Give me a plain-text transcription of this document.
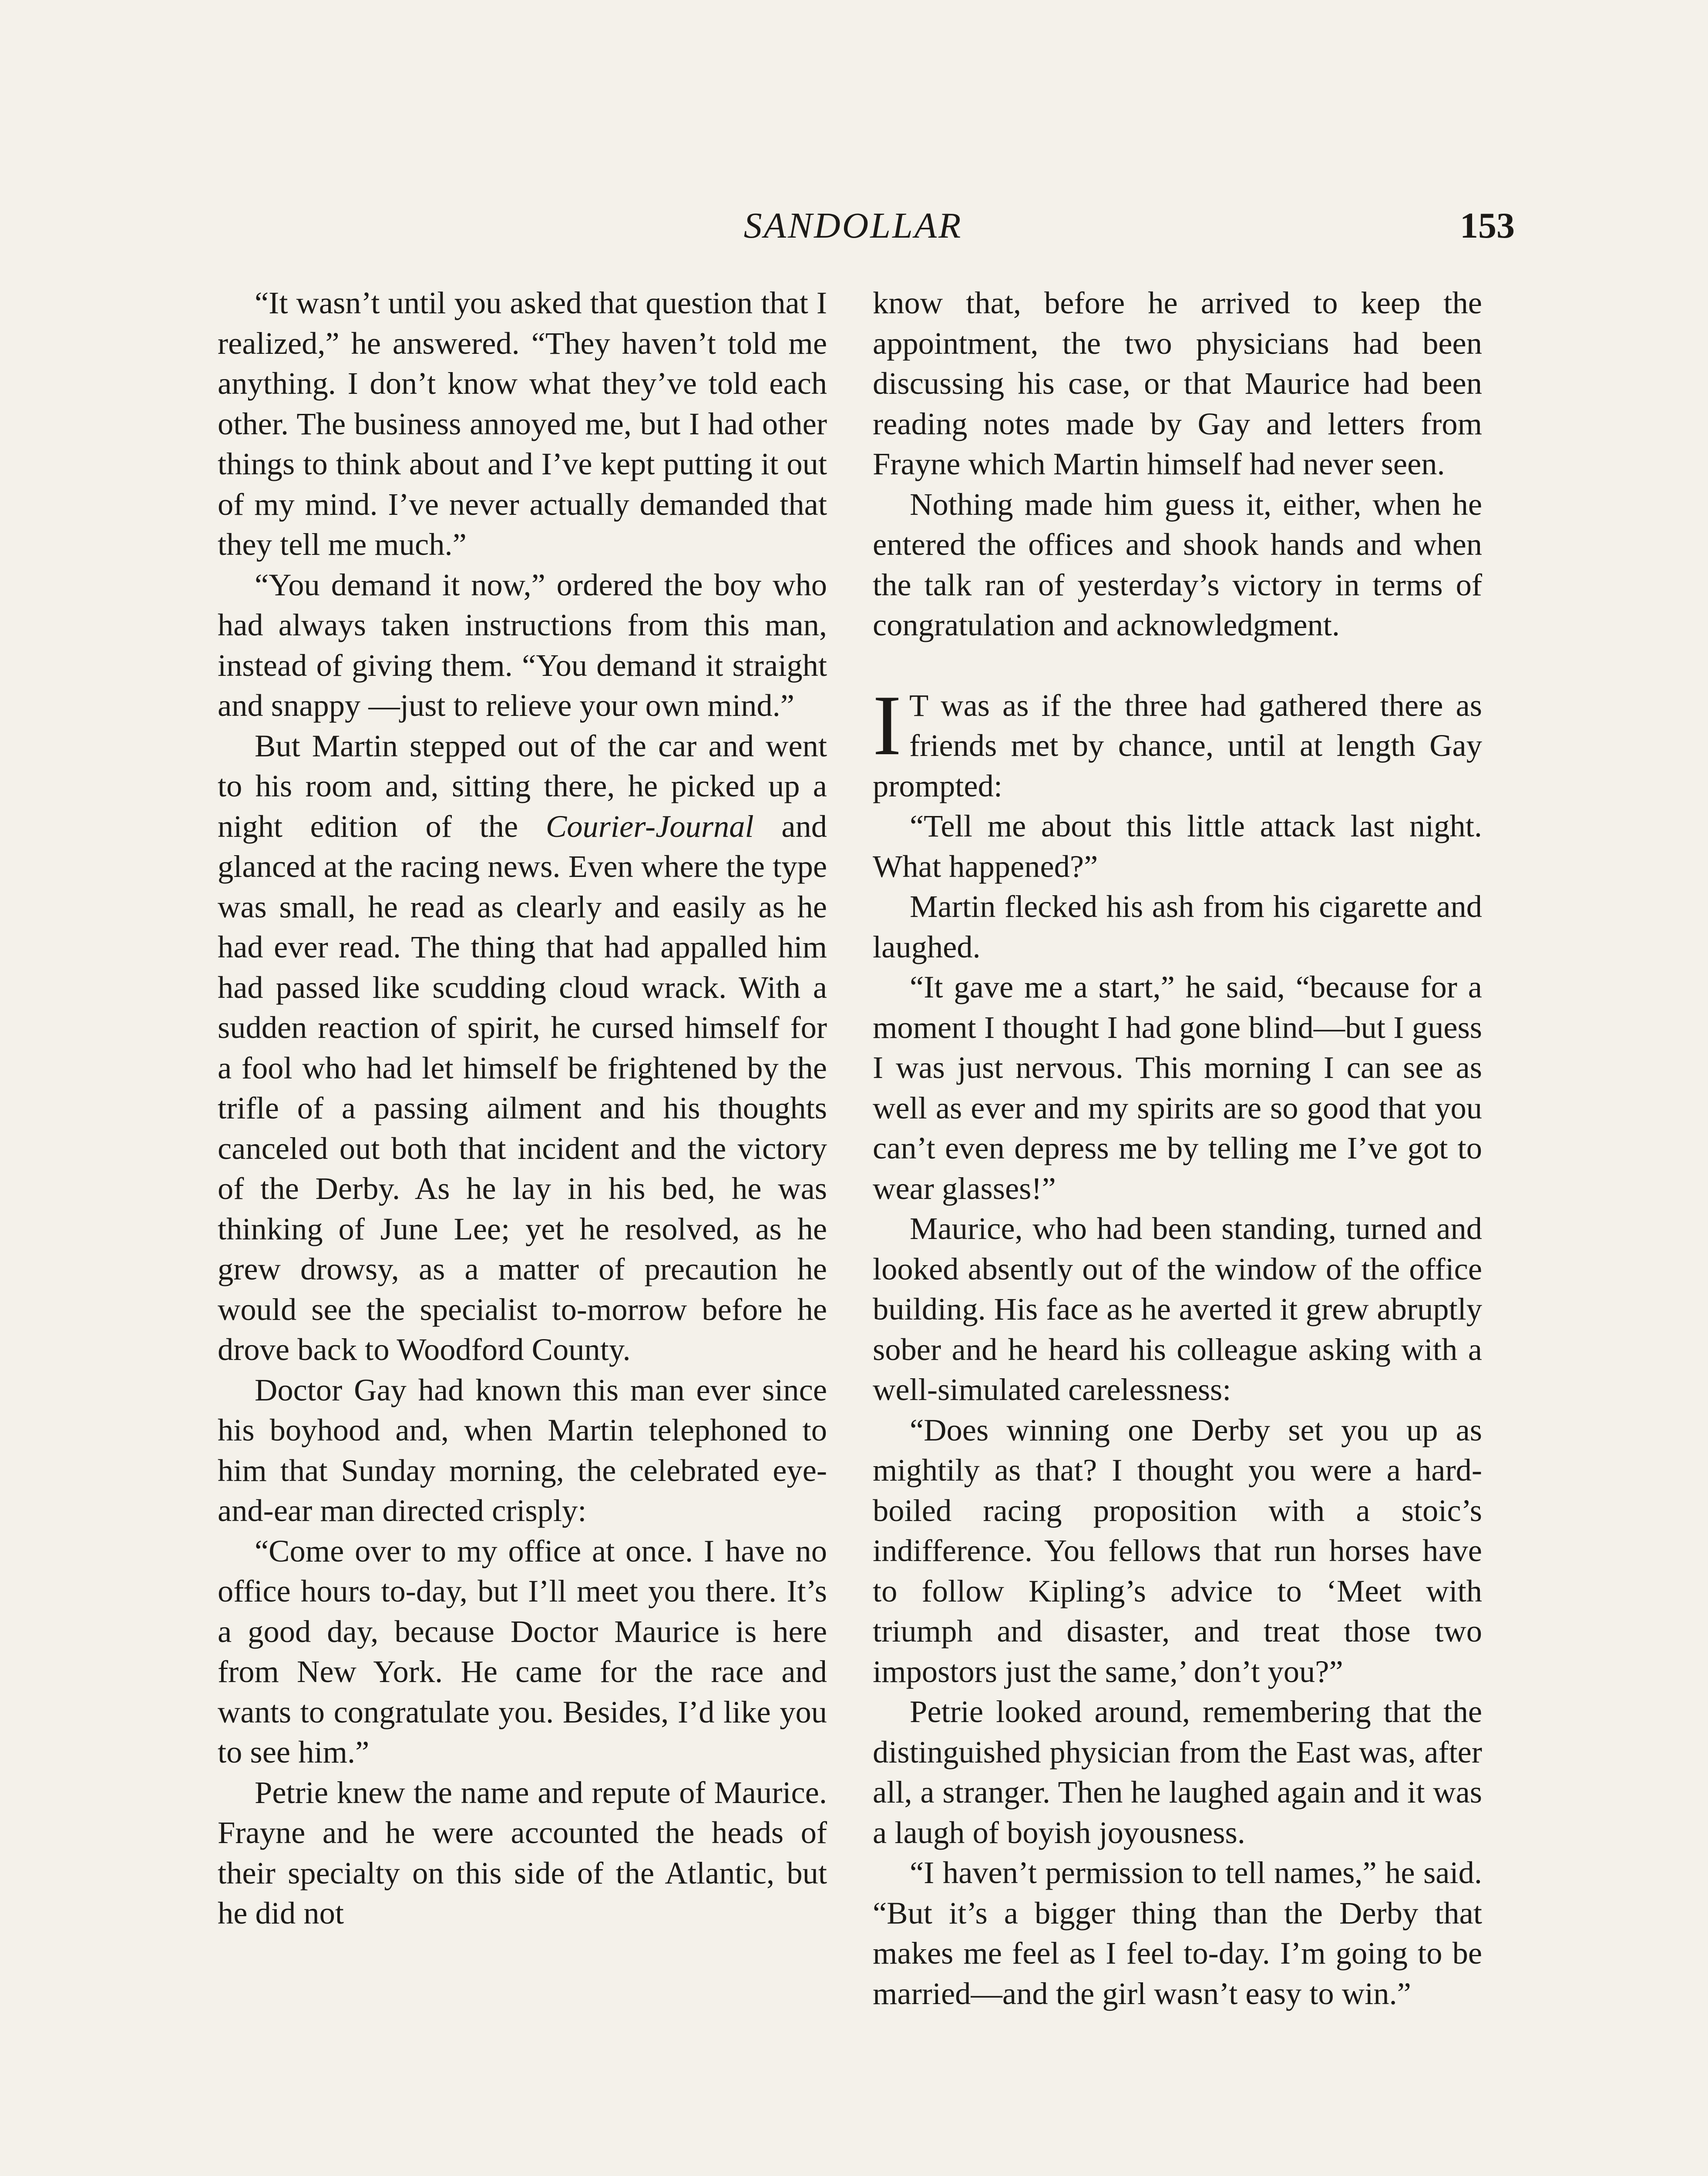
SANDOLLAR	153

“It wasn’t until you asked that question that I realized,” he answered. “They haven’t told me anything. I don’t know what they’ve told each other. The business annoyed me, but I had other things to think about and I’ve kept putting it out of my mind. I’ve never actually demanded that they tell me much.”

“You demand it now,” ordered the boy who had always taken instructions from this man, instead of giving them. “You demand it straight and snappy —just to relieve your own mind.”

But Martin stepped out of the car and went to his room and, sitting there, he picked up a night edition of the Courier-Journal and glanced at the racing news. Even where the type was small, he read as clearly and easily as he had ever read. The thing that had appalled him had passed like scudding cloud wrack. With a sudden reaction of spirit, he cursed himself for a fool who had let himself be frightened by the trifle of a passing ailment and his thoughts canceled out both that incident and the victory of the Derby. As he lay in his bed, he was thinking of June Lee; yet he resolved, as he grew drowsy, as a matter of precaution he would see the specialist to-morrow before he drove back to Woodford County.

Doctor Gay had known this man ever since his boyhood and, when Martin telephoned to him that Sunday morning, the celebrated eye-and-ear man directed crisply:

“Come over to my office at once. I have no office hours to-day, but I’ll meet you there. It’s a good day, because Doctor Maurice is here from New York. He came for the race and wants to congratulate you. Besides, I’d like you to see him.”

Petrie knew the name and repute of Maurice. Frayne and he were accounted the heads of their specialty on this side of the Atlantic, but he did not

know that, before he arrived to keep the appointment, the two physicians had been discussing his case, or that Maurice had been reading notes made by Gay and letters from Frayne which Martin himself had never seen.

Nothing made him guess it, either, when he entered the offices and shook hands and when the talk ran of yesterday’s victory in terms of congratulation and acknowledgment.

I T was as if the three had gathered there as friends met by chance, until at length Gay prompted:

“Tell me about this little attack last night. What happened?”

Martin flecked his ash from his cigarette and laughed.

“It gave me a start,” he said, “because for a moment I thought I had gone blind—but I guess I was just nervous. This morning I can see as well as ever and my spirits are so good that you can’t even depress me by telling me I’ve got to wear glasses!”

Maurice, who had been standing, turned and looked absently out of the window of the office building. His face as he averted it grew abruptly sober and he heard his colleague asking with a well-simulated carelessness:

“Does winning one Derby set you up as mightily as that? I thought you were a hard-boiled racing proposition with a stoic’s indifference. You fellows that run horses have to follow Kipling’s advice to ‘Meet with triumph and disaster, and treat those two impostors just the same,’ don’t you?”

Petrie looked around, remembering that the distinguished physician from the East was, after all, a stranger. Then he laughed again and it was a laugh of boyish joyousness.

“I haven’t permission to tell names,” he said. “But it’s a bigger thing than the Derby that makes me feel as I feel to-day. I’m going to be married—and the girl wasn’t easy to win.”
